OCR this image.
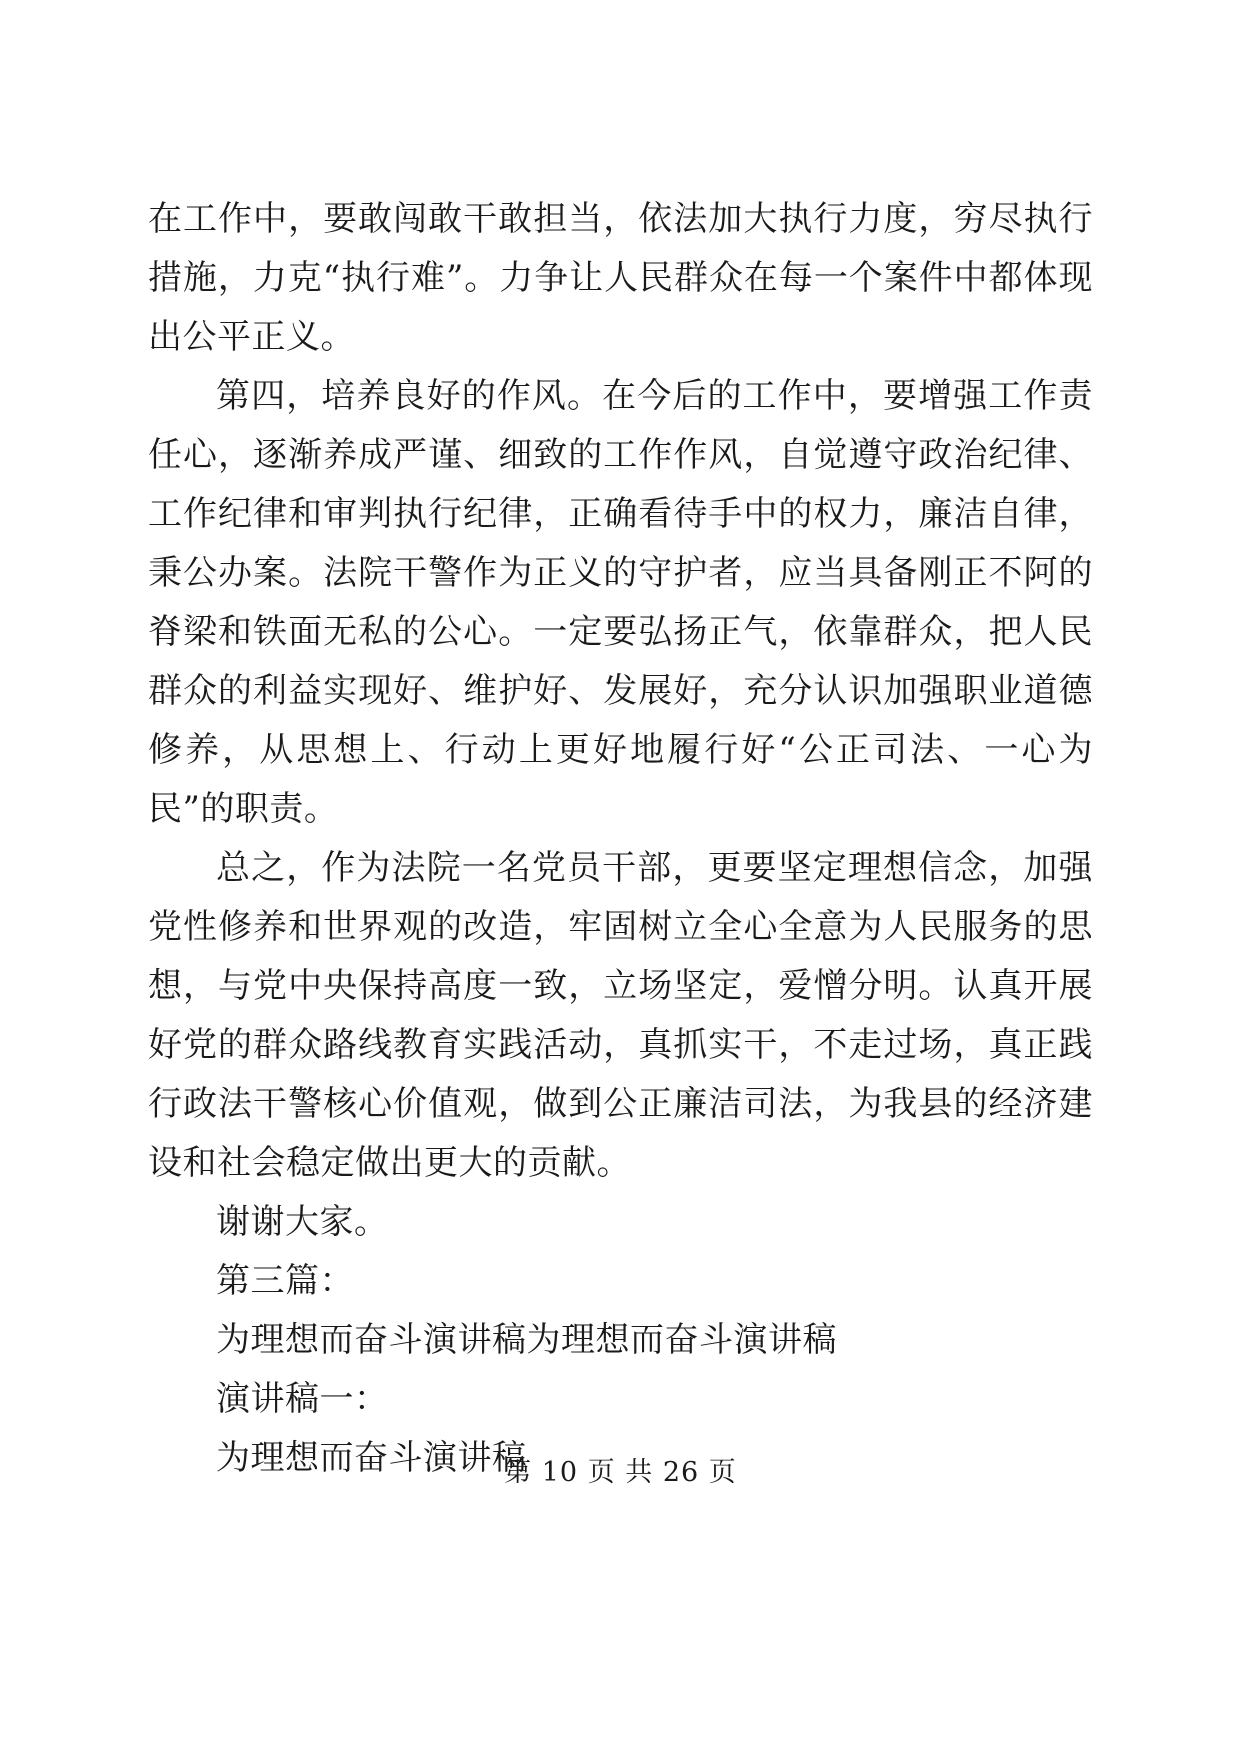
在工作中，要敢闯敢干敢担当，依法加大执行力度，穷尽执行措施，力克“执行难”。力争让人民群众在每一个案件中都体现出公平正义。

第四，培养良好的作风。在今后的工作中，要增强工作责任心，逐渐养成严谨、细致的工作作风，自觉遵守政治纪律、工作纪律和审判执行纪律，正确看待手中的权力，廉洁自律，秉公办案。法院干警作为正义的守护者，应当具备刚正不阿的脊梁和铁面无私的公心。一定要弘扬正气，依靠群众，把人民群众的利益实现好、维护好、发展好，充分认识加强职业道德修养，从思想上、行动上更好地履行好“公正司法、一心为民”的职责。

总之，作为法院一名党员干部，更要坚定理想信念，加强党性修养和世界观的改造，牢固树立全心全意为人民服务的思想，与党中央保持高度一致，立场坚定，爱憎分明。认真开展好党的群众路线教育实践活动，真抓实干，不走过场，真正践行政法干警核心价值观，做到公正廉洁司法，为我县的经济建设和社会稳定做出更大的贡献。

谢谢大家。

第三篇：

为理想而奋斗演讲稿为理想而奋斗演讲稿

演讲稿一：

为理想而奋斗演讲稿

第 10 页 共 26 页
